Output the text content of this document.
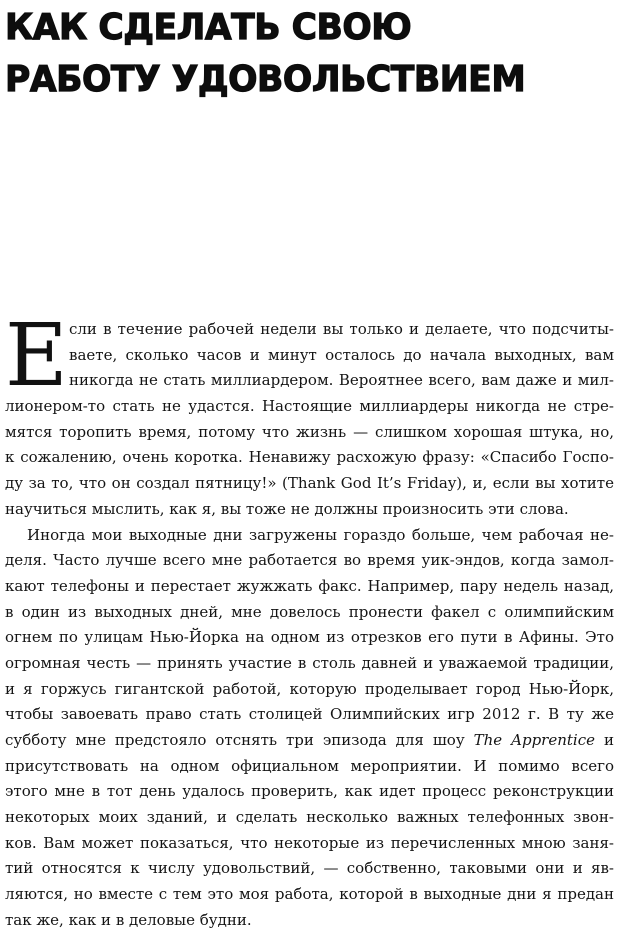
КАК СДЕЛАТЬ СВОЮ
РАБОТУ УДОВОЛЬСТВИЕМ
Е сли в течение рабочей недели вы только и делаете, что подсчиты-
ваете, сколько часов и минут осталось до начала выходных, вам
никогда не стать миллиардером. Вероятнее всего, вам даже и мил-
лионером-то стать не удастся. Настоящие миллиардеры никогда не стре-
мятся торопить время, потому что жизнь — слишком хорошая штука, но,
к сожалению, очень коротка. Ненавижу расхожую фразу: «Спасибо Госпо-
ду за то, что он создал пятницу!» (Thank God It’s Friday), и, если вы хотите
научиться мыслить, как я, вы тоже не должны произносить эти слова.
Иногда мои выходные дни загружены гораздо больше, чем рабочая не-
деля. Часто лучше всего мне работается во время уик-эндов, когда замол-
кают телефоны и перестает жужжать факс. Например, пару недель назад,
в один из выходных дней, мне довелось пронести факел с олимпийским
огнем по улицам Нью-Йорка на одном из отрезков его пути в Афины. Это
огромная честь — принять участие в столь давней и уважаемой традиции,
и я горжусь гигантской работой, которую проделывает город Нью-Йорк,
чтобы завоевать право стать столицей Олимпийских игр 2012 г. В ту же
субботу мне предстояло отснять три эпизода для шоу The Apprentice и
присутствовать на одном официальном мероприятии. И помимо всего
этого мне в тот день удалось проверить, как идет процесс реконструкции
некоторых моих зданий, и сделать несколько важных телефонных звон-
ков. Вам может показаться, что некоторые из перечисленных мною заня-
тий относятся к числу удовольствий, — собственно, таковыми они и яв-
ляются, но вместе с тем это моя работа, которой в выходные дни я предан
так же, как и в деловые будни.
